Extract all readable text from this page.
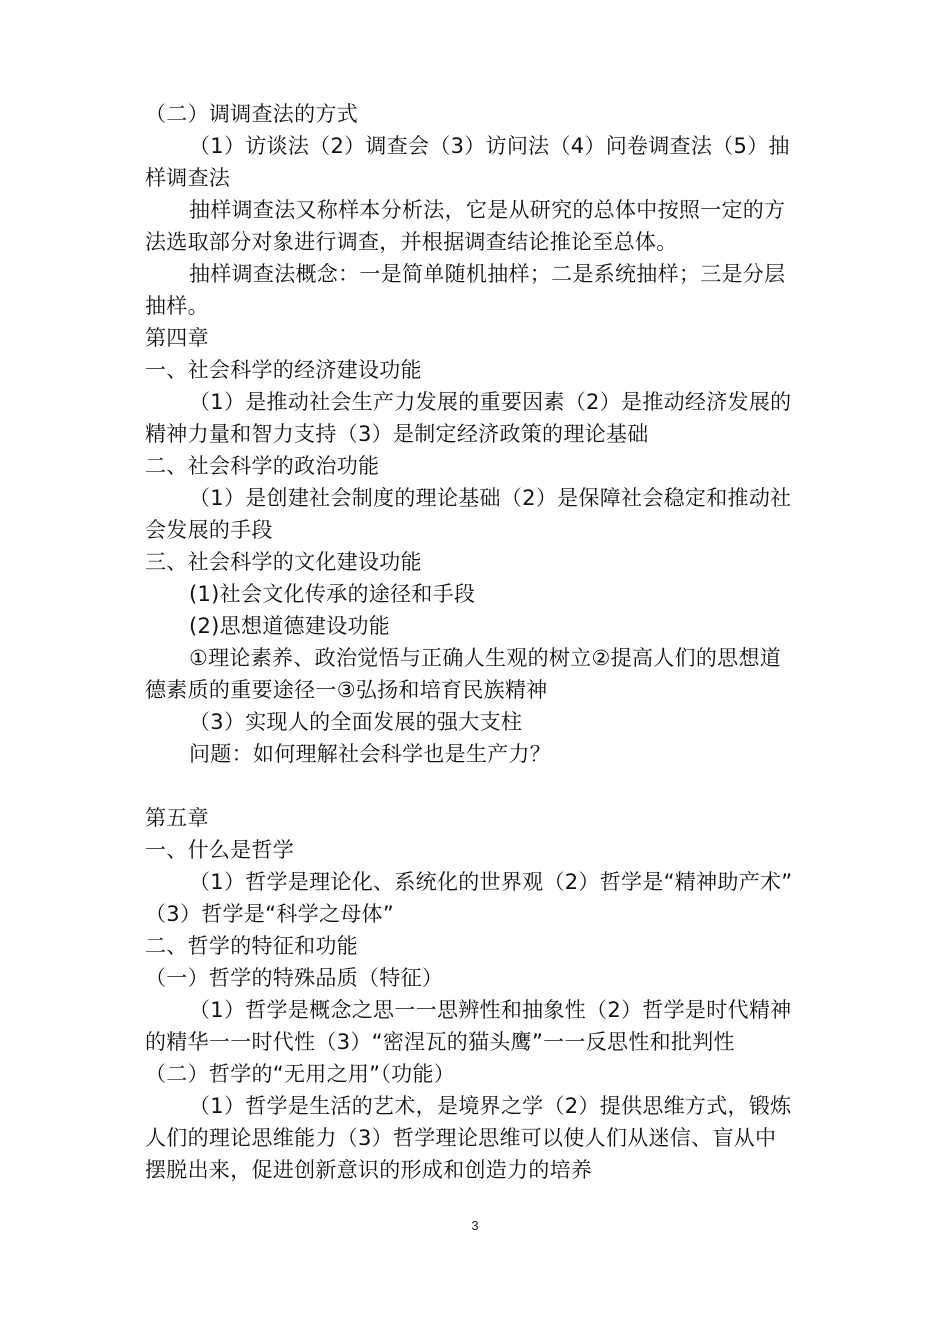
（二）调调查法的方式
（1）访谈法（2）调查会（3）访问法（4）问卷调查法（5）抽
样调查法
抽样调查法又称样本分析法，它是从研究的总体中按照一定的方
法选取部分对象进行调查，并根据调查结论推论至总体。
抽样调查法概念：一是简单随机抽样；二是系统抽样；三是分层
抽样。
第四章
一、社会科学的经济建设功能
（1）是推动社会生产力发展的重要因素（2）是推动经济发展的
精神力量和智力支持（3）是制定经济政策的理论基础
二、社会科学的政治功能
（1）是创建社会制度的理论基础（2）是保障社会稳定和推动社
会发展的手段
三、社会科学的文化建设功能
(1)社会文化传承的途径和手段
(2)思想道德建设功能
①理论素养、政治觉悟与正确人生观的树立②提高人们的思想道
德素质的重要途径一③弘扬和培育民族精神
（3）实现人的全面发展的强大支柱
问题：如何理解社会科学也是生产力？
第五章
一、什么是哲学
（1）哲学是理论化、系统化的世界观（2）哲学是“精神助产术”
（3）哲学是“科学之母体”
二、哲学的特征和功能
（一）哲学的特殊品质（特征）
（1）哲学是概念之思一一思辨性和抽象性（2）哲学是时代精神
的精华一一时代性（3）“密涅瓦的猫头鹰”一一反思性和批判性
（二）哲学的“无用之用”（功能）
（1）哲学是生活的艺术，是境界之学（2）提供思维方式，锻炼
人们的理论思维能力（3）哲学理论思维可以使人们从迷信、盲从中
摆脱出来，促进创新意识的形成和创造力的培养
3
